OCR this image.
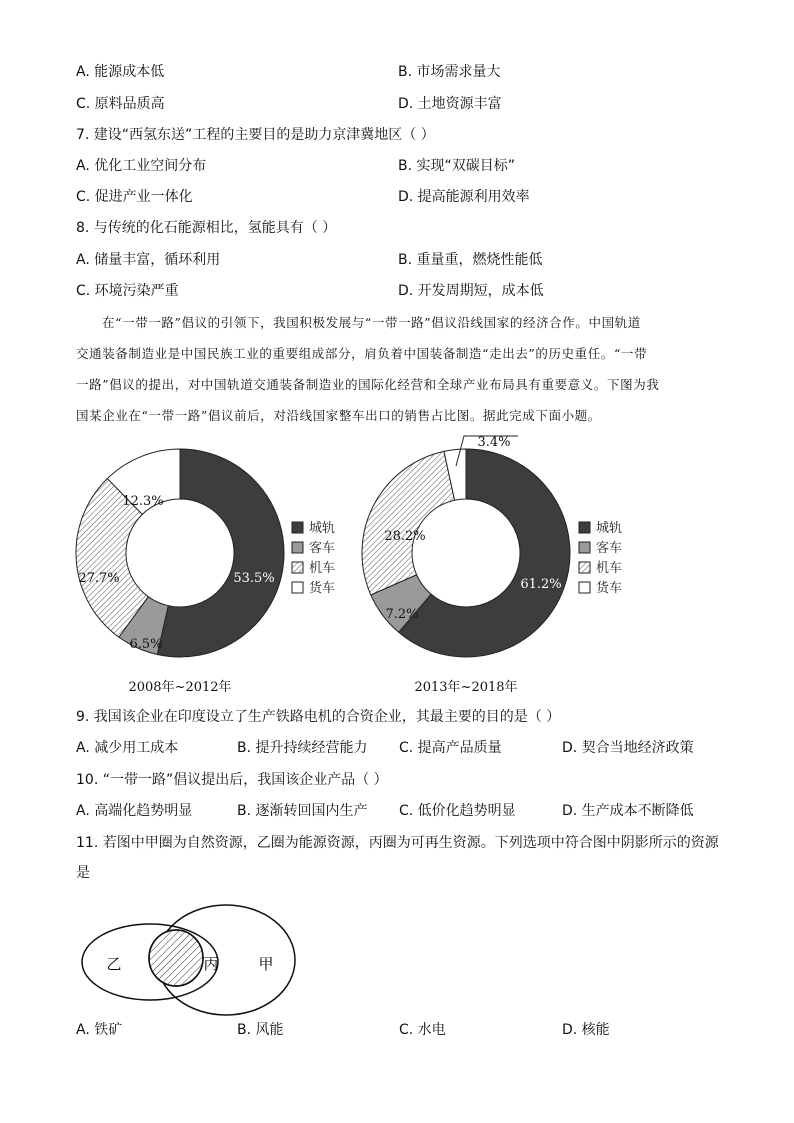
A. 能源成本低	B. 市场需求量大
C. 原料品质高	D. 土地资源丰富
7. 建设“西氢东送”工程的主要目的是助力京津冀地区（ ）
A. 优化工业空间分布	B. 实现“双碳目标”
C. 促进产业一体化	D. 提高能源利用效率
8. 与传统的化石能源相比，氢能具有（ ）
A. 储量丰富，循环利用	B. 重量重，燃烧性能低
C. 环境污染严重	D. 开发周期短，成本低
在“一带一路”倡议的引领下，我国积极发展与“一带一路”倡议沿线国家的经济合作。中国轨道
交通装备制造业是中国民族工业的重要组成部分，肩负着中国装备制造“走出去”的历史重任。“一带
一路”倡议的提出，对中国轨道交通装备制造业的国际化经营和全球产业布局具有重要意义。下图为我
国某企业在“一带一路”倡议前后，对沿线国家整车出口的销售占比图。据此完成下面小题。
53.5%
6.5%
27.7%
12.3%
城轨
客车
机车
货车
2008年~2012年
61.2%
7.2%
28.2%
3.4%
城轨
客车
机车
货车
2013年~2018年
9. 我国该企业在印度设立了生产铁路电机的合资企业，其最主要的目的是（ ）
A. 减少用工成本	B. 提升持续经营能力 C. 提高产品质量	D. 契合当地经济政策
10. “一带一路”倡议提出后，我国该企业产品（ ）
A. 高端化趋势明显	B. 逐渐转回国内生产 C. 低价化趋势明显	D. 生产成本不断降低
11. 若图中甲圈为自然资源，乙圈为能源资源，丙圈为可再生资源。下列选项中符合图中阴影所示的资源
是
乙	丙	甲
A. 铁矿	B. 风能	C. 水电	D. 核能
